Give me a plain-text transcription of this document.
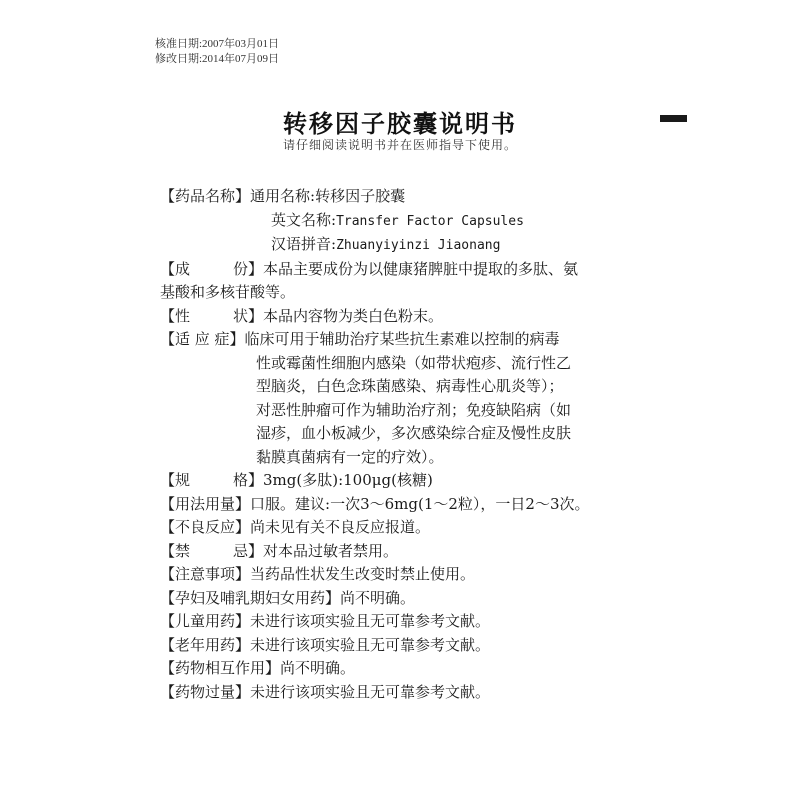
核准日期:2007年03月01日
修改日期:2014年07月09日
转移因子胶囊说明书
请仔细阅读说明书并在医师指导下使用。
【药品名称】通用名称:转移因子胶囊
英文名称:Transfer Factor Capsules
汉语拼音:Zhuanyiyinzi Jiaonang
【成	份】 本品主要成份为以健康猪脾脏中提取的多肽、氨
基酸和多核苷酸等。
【性	状】 本品内容物为类白色粉末。
【适 应 症】临床可用于辅助治疗某些抗生素难以控制的病毒
性或霉菌性细胞内感染（如带状疱疹、流行性乙
型脑炎，白色念珠菌感染、病毒性心肌炎等）；
对恶性肿瘤可作为辅助治疗剂；免疫缺陷病（如
湿疹，血小板减少，多次感染综合症及慢性皮肤
黏膜真菌病有一定的疗效）。
【规	格】 3mg(多肽):100μg(核糖)
【用法用量】口服。建议:一次3～6mg(1～2粒），一日2～3次。
【不良反应】尚未见有关不良反应报道。
【禁	忌】 对本品过敏者禁用。
【注意事项】当药品性状发生改变时禁止使用。
【孕妇及哺乳期妇女用药】尚不明确。
【儿童用药】未进行该项实验且无可靠参考文献。
【老年用药】未进行该项实验且无可靠参考文献。
【药物相互作用】尚不明确。
【药物过量】未进行该项实验且无可靠参考文献。
